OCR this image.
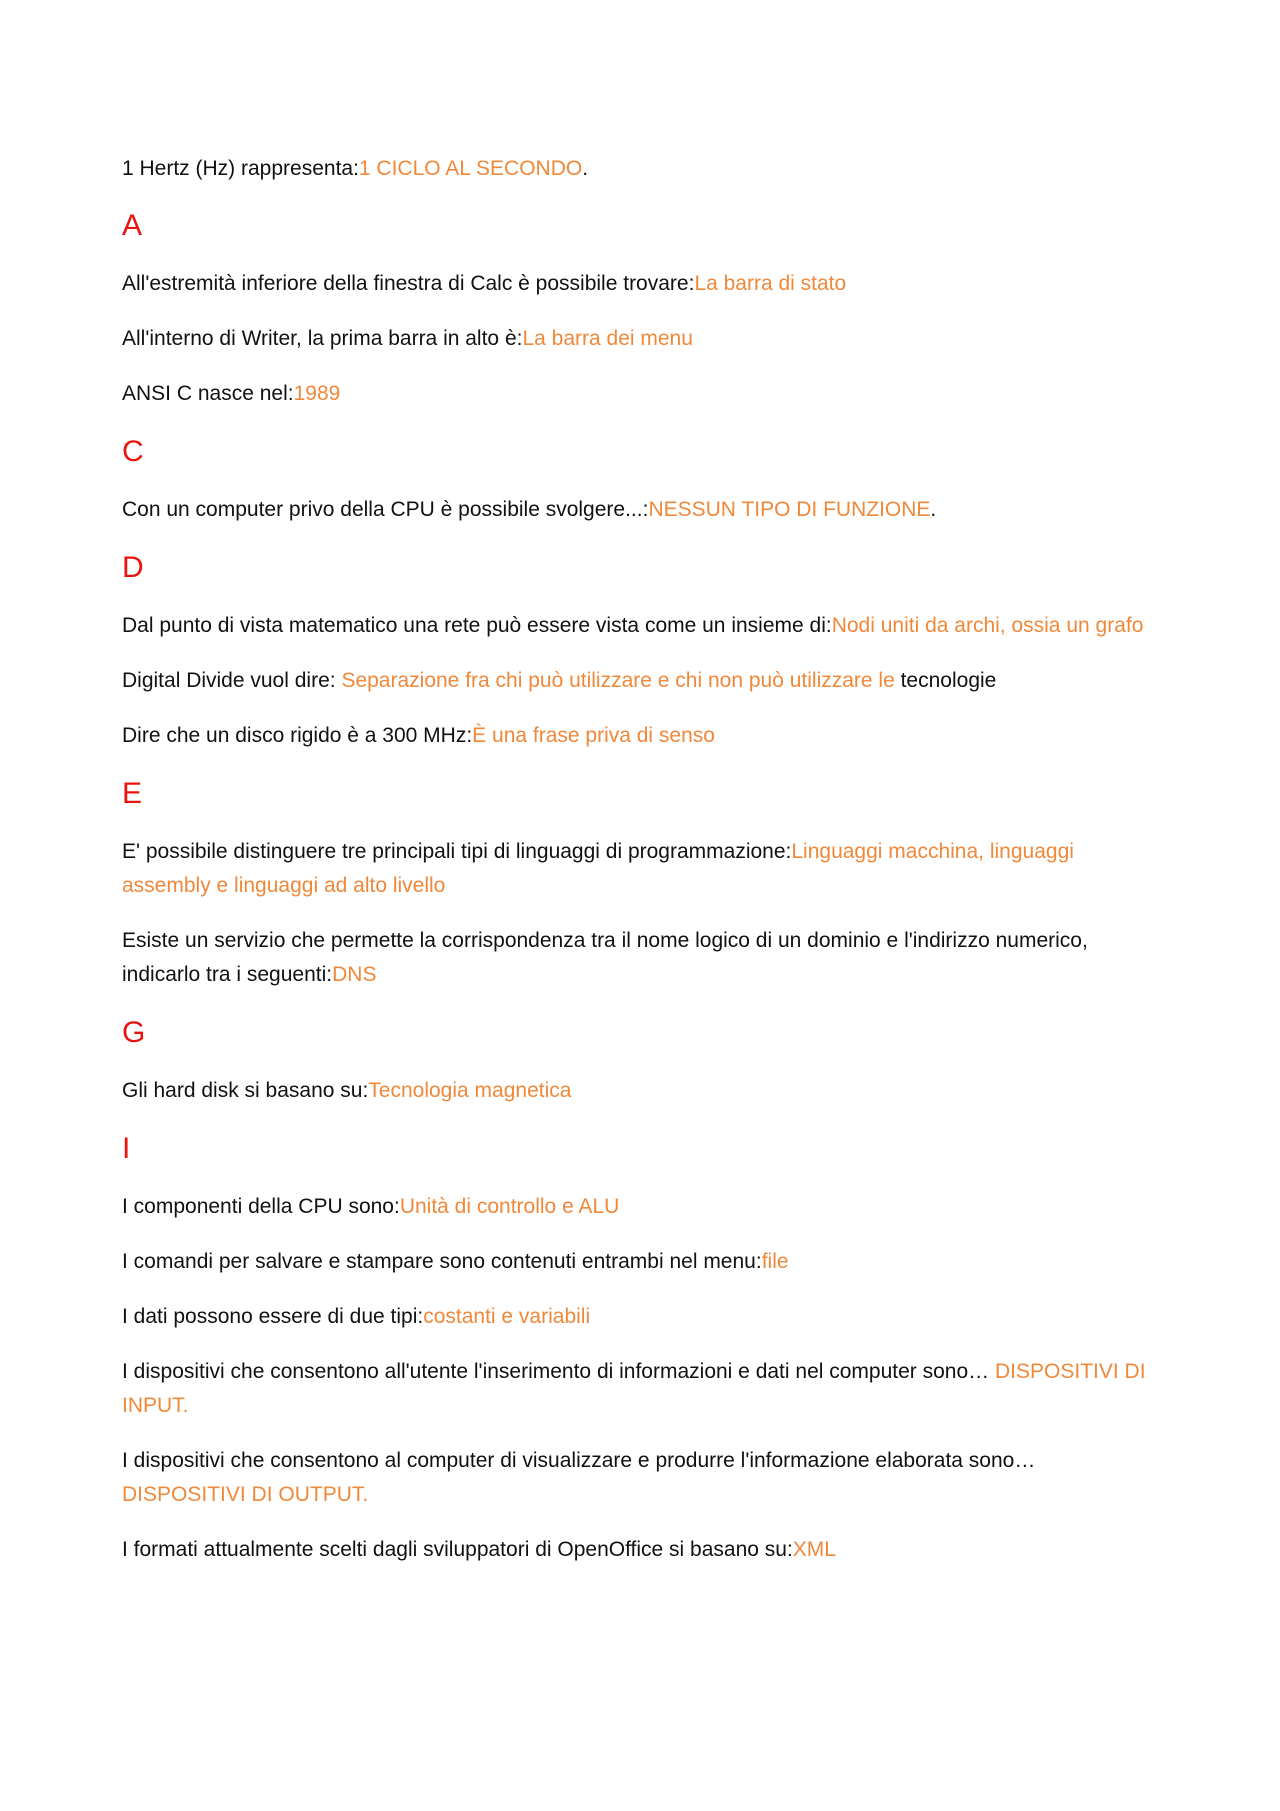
1 Hertz (Hz) rappresenta:1 CICLO AL SECONDO.

A

All'estremità inferiore della finestra di Calc è possibile trovare:La barra di stato

All'interno di Writer, la prima barra in alto è:La barra dei menu

ANSI C nasce nel:1989

C

Con un computer privo della CPU è possibile svolgere...:NESSUN TIPO DI FUNZIONE.

D

Dal punto di vista matematico una rete può essere vista come un insieme di:Nodi uniti da archi, ossia un grafo

Digital Divide vuol dire: Separazione fra chi può utilizzare e chi non può utilizzare le tecnologie

Dire che un disco rigido è a 300 MHz:È una frase priva di senso

E

E' possibile distinguere tre principali tipi di linguaggi di programmazione:Linguaggi macchina, linguaggi assembly e linguaggi ad alto livello

Esiste un servizio che permette la corrispondenza tra il nome logico di un dominio e l'indirizzo numerico, indicarlo tra i seguenti:DNS

G

Gli hard disk si basano su:Tecnologia magnetica

I

I componenti della CPU sono:Unità di controllo e ALU

I comandi per salvare e stampare sono contenuti entrambi nel menu:file

I dati possono essere di due tipi:costanti e variabili

I dispositivi che consentono all'utente l'inserimento di informazioni e dati nel computer sono… DISPOSITIVI DI INPUT.

I dispositivi che consentono al computer di visualizzare e produrre l'informazione elaborata sono… DISPOSITIVI DI OUTPUT.

I formati attualmente scelti dagli sviluppatori di OpenOffice si basano su:XML
